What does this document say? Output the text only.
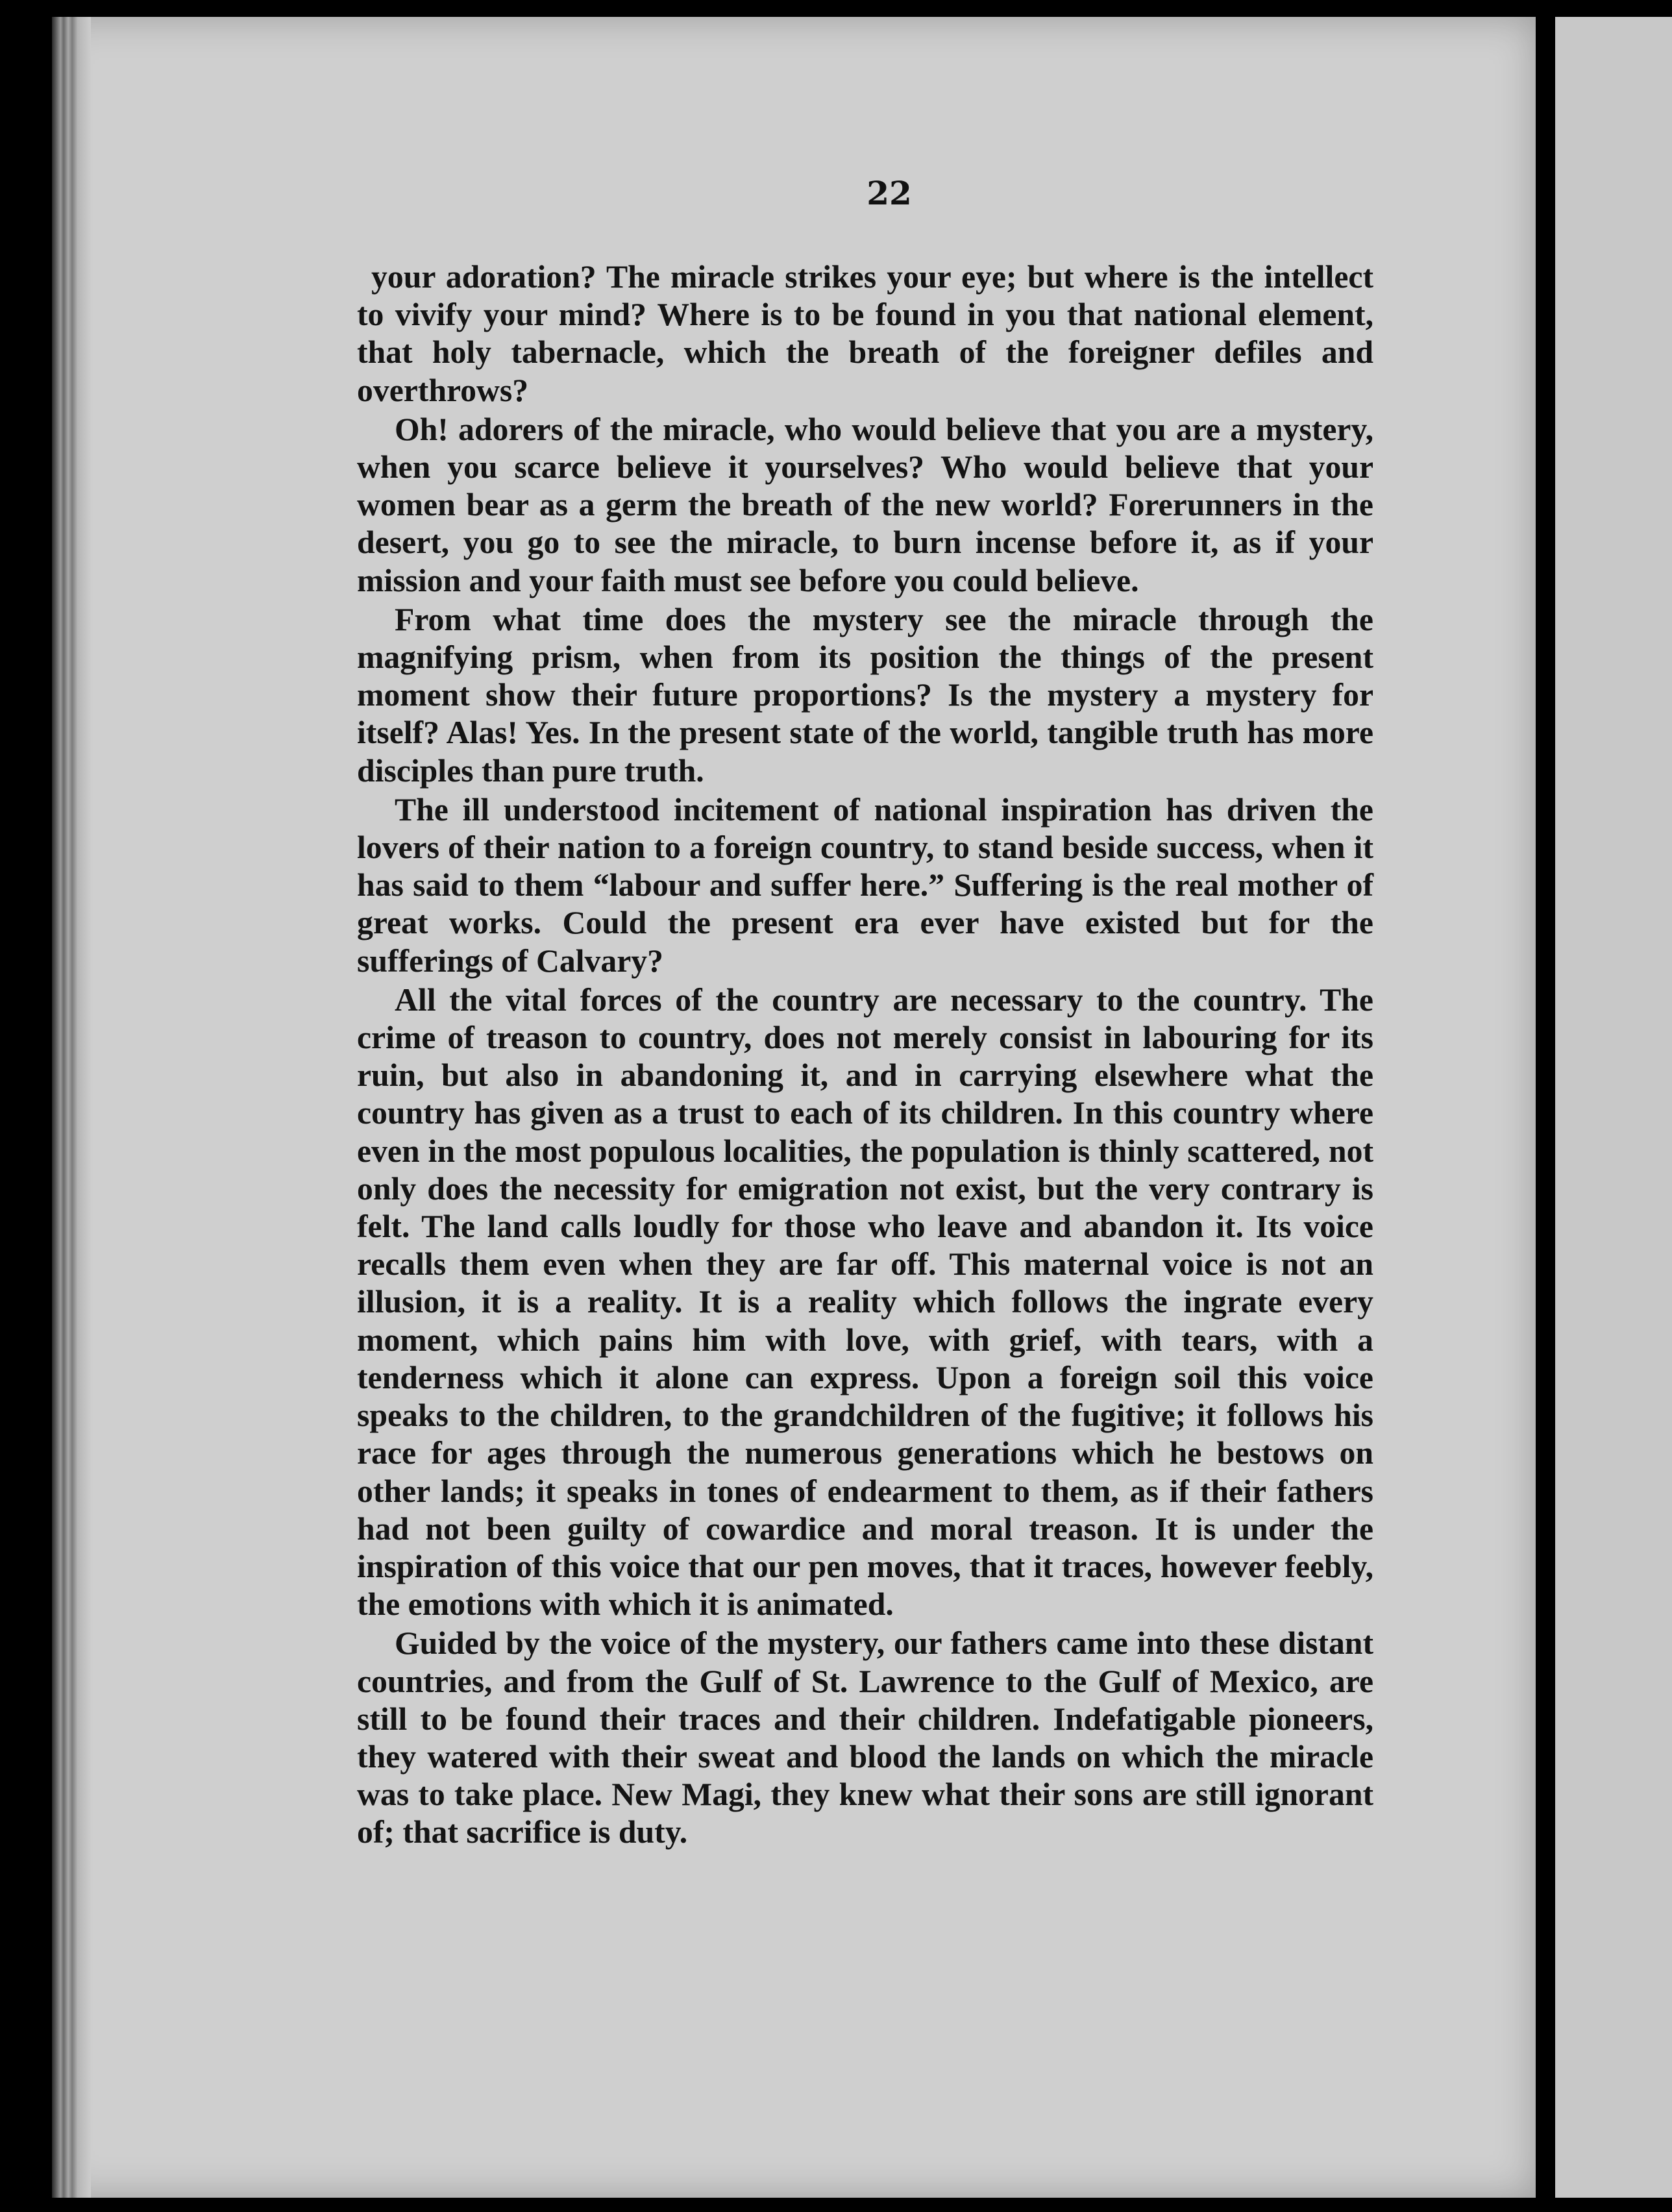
22

your adoration? The miracle strikes your eye; but where is the intellect to vivify your mind? Where is to be found in you that national element, that holy tabernacle, which the breath of the foreigner defiles and overthrows?

Oh! adorers of the miracle, who would believe that you are a mystery, when you scarce believe it yourselves? Who would believe that your women bear as a germ the breath of the new world? Forerunners in the desert, you go to see the miracle, to burn incense before it, as if your mission and your faith must see before you could believe.

From what time does the mystery see the miracle through the magnifying prism, when from its position the things of the present moment show their future proportions? Is the mystery a mystery for itself? Alas! Yes. In the present state of the world, tangible truth has more disciples than pure truth.

The ill understood incitement of national inspiration has driven the lovers of their nation to a foreign country, to stand beside success, when it has said to them “labour and suffer here.” Suffering is the real mother of great works. Could the present era ever have existed but for the sufferings of Calvary?

All the vital forces of the country are necessary to the country. The crime of treason to country, does not merely consist in labouring for its ruin, but also in abandoning it, and in carrying elsewhere what the country has given as a trust to each of its children. In this country where even in the most populous localities, the population is thinly scattered, not only does the necessity for emigration not exist, but the very contrary is felt. The land calls loudly for those who leave and abandon it. Its voice recalls them even when they are far off. This maternal voice is not an illusion, it is a reality. It is a reality which follows the ingrate every moment, which pains him with love, with grief, with tears, with a tenderness which it alone can express. Upon a foreign soil this voice speaks to the children, to the grandchildren of the fugitive; it follows his race for ages through the numerous generations which he bestows on other lands; it speaks in tones of endearment to them, as if their fathers had not been guilty of cowardice and moral treason. It is under the inspiration of this voice that our pen moves, that it traces, however feebly, the emotions with which it is animated.

Guided by the voice of the mystery, our fathers came into these distant countries, and from the Gulf of St. Lawrence to the Gulf of Mexico, are still to be found their traces and their children. Indefatigable pioneers, they watered with their sweat and blood the lands on which the miracle was to take place. New Magi, they knew what their sons are still ignorant of; that sacrifice is duty.
